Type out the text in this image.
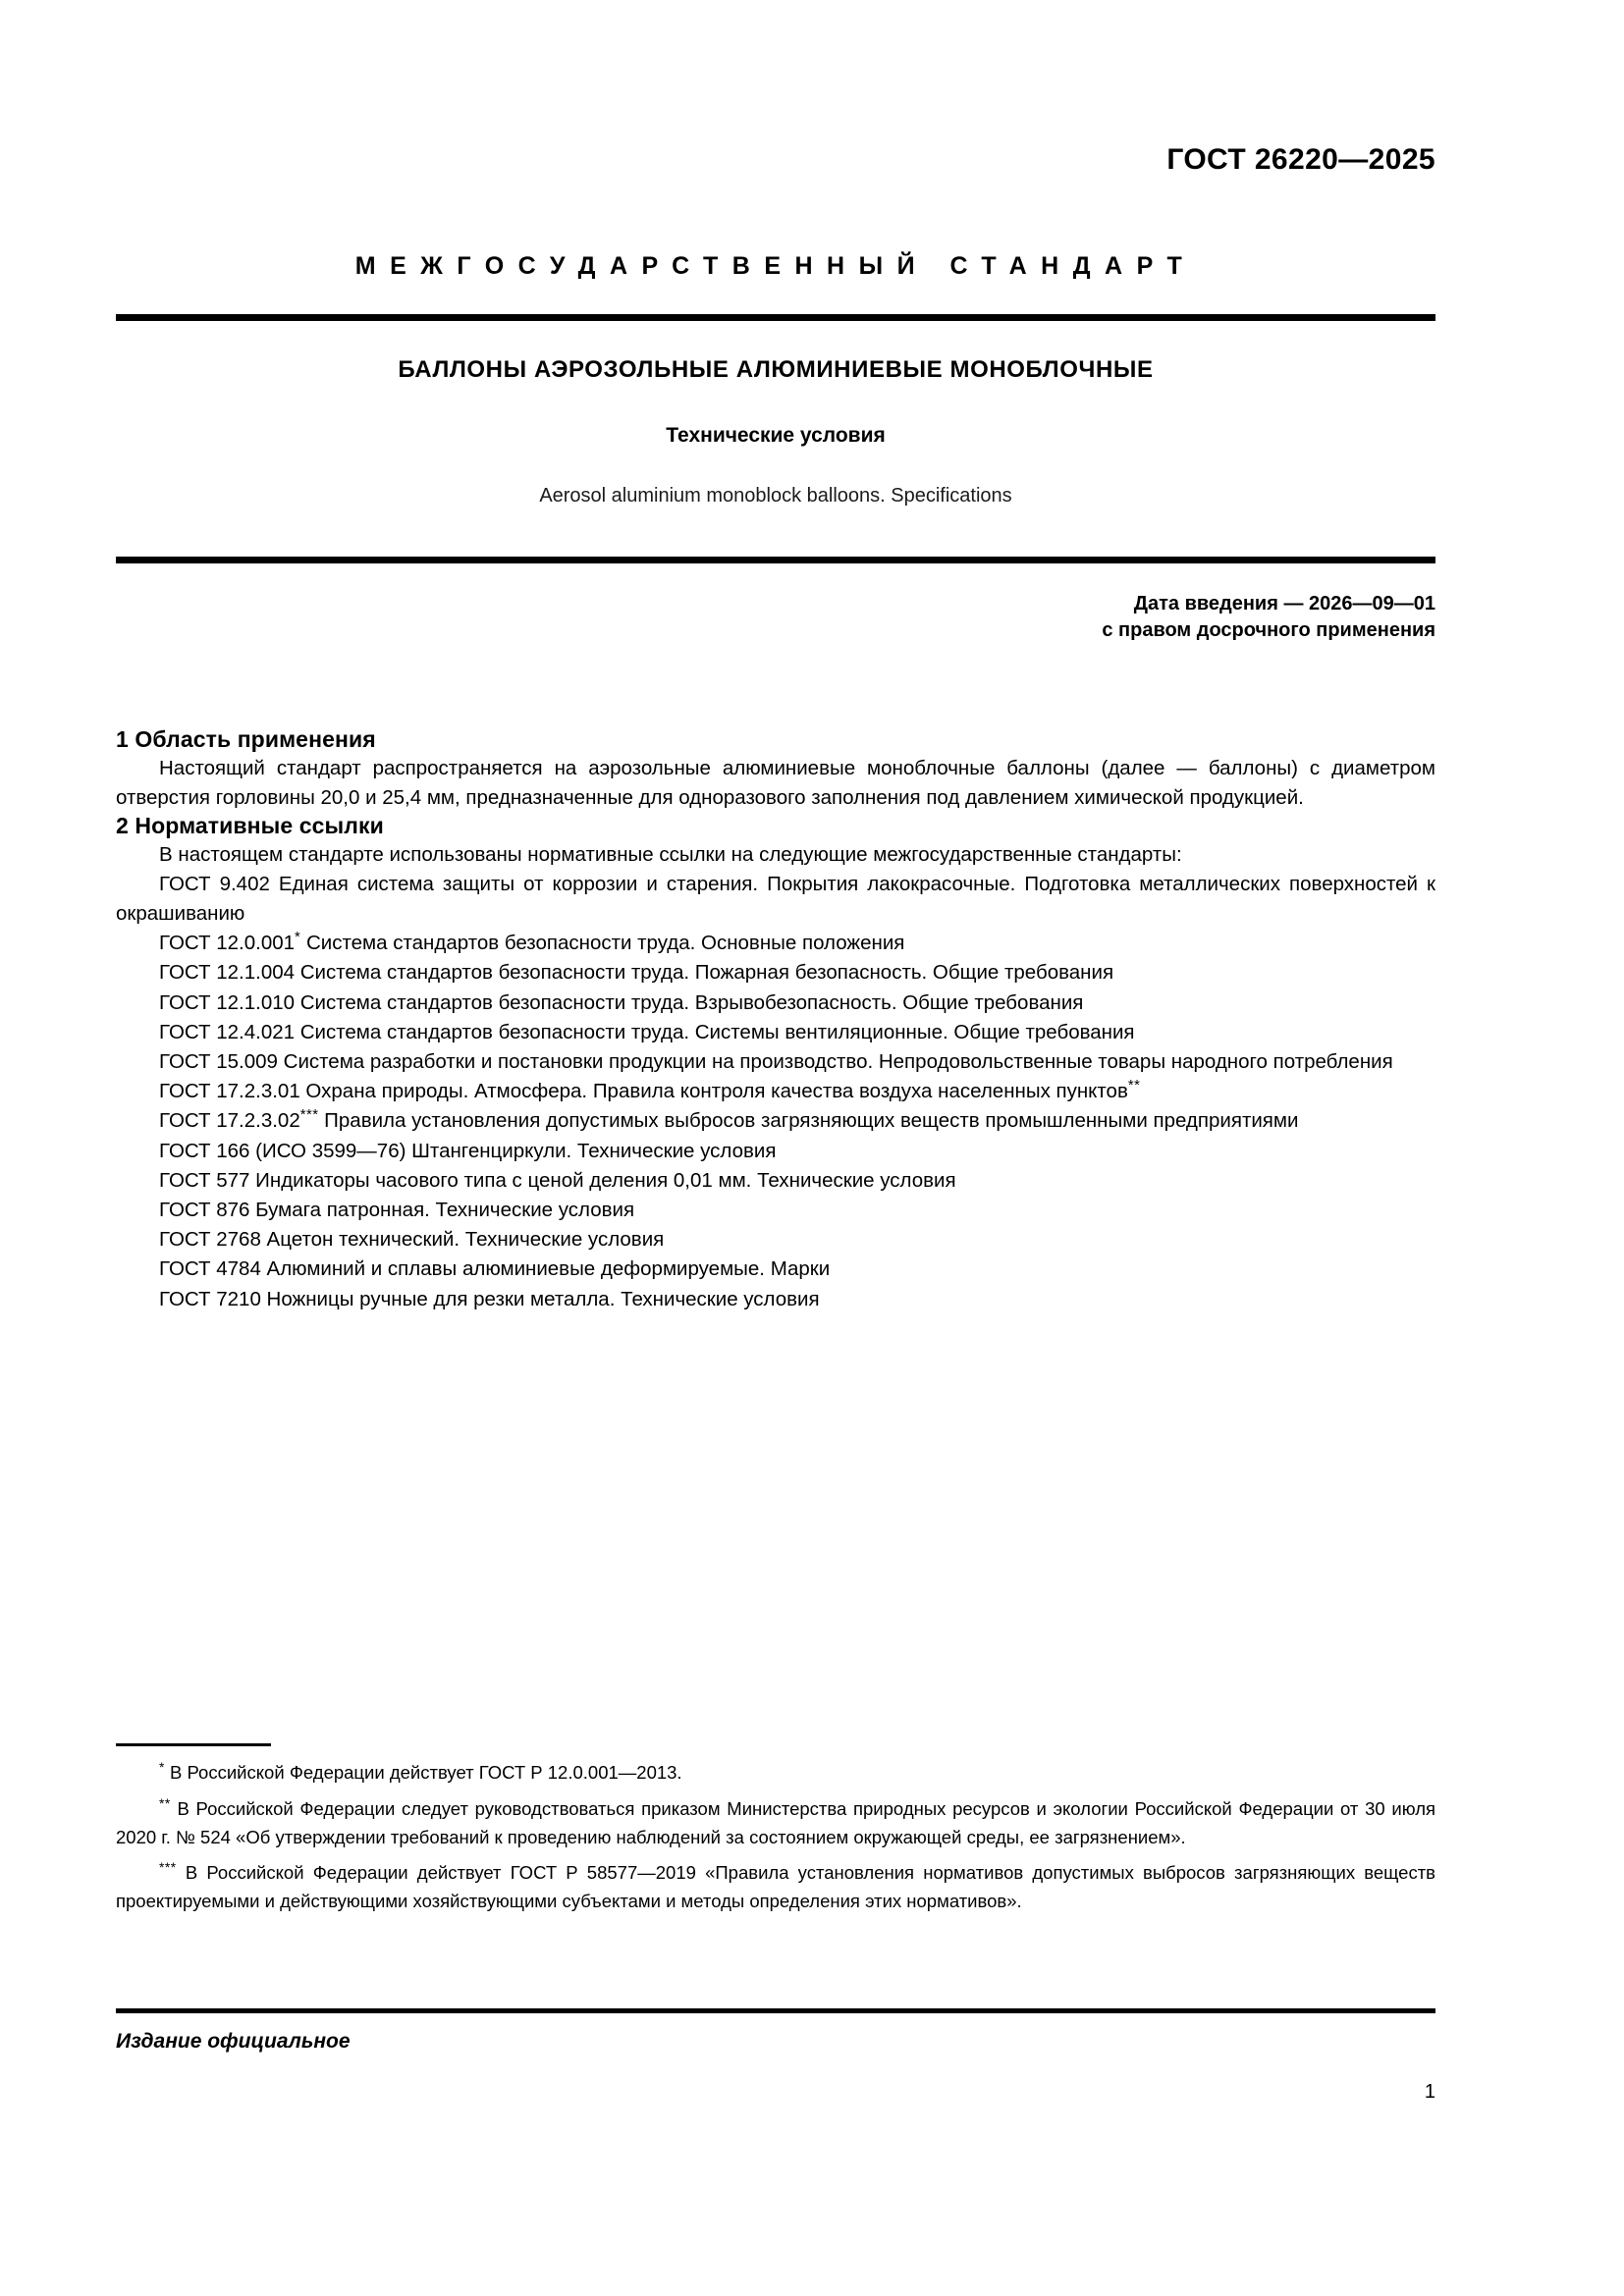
ГОСТ 26220—2025
МЕЖГОСУДАРСТВЕННЫЙ СТАНДАРТ
БАЛЛОНЫ АЭРОЗОЛЬНЫЕ АЛЮМИНИЕВЫЕ МОНОБЛОЧНЫЕ
Технические условия
Aerosol aluminium monoblock balloons. Specifications
Дата введения — 2026—09—01
с правом досрочного применения
1 Область применения

Настоящий стандарт распространяется на аэрозольные алюминиевые моноблочные баллоны (далее — баллоны) с диаметром отверстия горловины 20,0 и 25,4 мм, предназначенные для одноразового заполнения под давлением химической продукцией.

2 Нормативные ссылки

В настоящем стандарте использованы нормативные ссылки на следующие межгосударственные стандарты:

ГОСТ 9.402 Единая система защиты от коррозии и старения. Покрытия лакокрасочные. Подготовка металлических поверхностей к окрашиванию

ГОСТ 12.0.001* Система стандартов безопасности труда. Основные положения

ГОСТ 12.1.004 Система стандартов безопасности труда. Пожарная безопасность. Общие требования

ГОСТ 12.1.010 Система стандартов безопасности труда. Взрывобезопасность. Общие требования

ГОСТ 12.4.021 Система стандартов безопасности труда. Системы вентиляционные. Общие требования

ГОСТ 15.009 Система разработки и постановки продукции на производство. Непродовольственные товары народного потребления

ГОСТ 17.2.3.01 Охрана природы. Атмосфера. Правила контроля качества воздуха населенных пунктов**

ГОСТ 17.2.3.02*** Правила установления допустимых выбросов загрязняющих веществ промышленными предприятиями

ГОСТ 166 (ИСО 3599—76) Штангенциркули. Технические условия

ГОСТ 577 Индикаторы часового типа с ценой деления 0,01 мм. Технические условия

ГОСТ 876 Бумага патронная. Технические условия

ГОСТ 2768 Ацетон технический. Технические условия

ГОСТ 4784 Алюминий и сплавы алюминиевые деформируемые. Марки

ГОСТ 7210 Ножницы ручные для резки металла. Технические условия

* В Российской Федерации действует ГОСТ Р 12.0.001—2013.

** В Российской Федерации следует руководствоваться приказом Министерства природных ресурсов и экологии Российской Федерации от 30 июля 2020 г. № 524 «Об утверждении требований к проведению наблюдений за состоянием окружающей среды, ее загрязнением».

*** В Российской Федерации действует ГОСТ Р 58577—2019 «Правила установления нормативов допустимых выбросов загрязняющих веществ проектируемыми и действующими хозяйствующими субъектами и методы определения этих нормативов».

Издание официальное
1
